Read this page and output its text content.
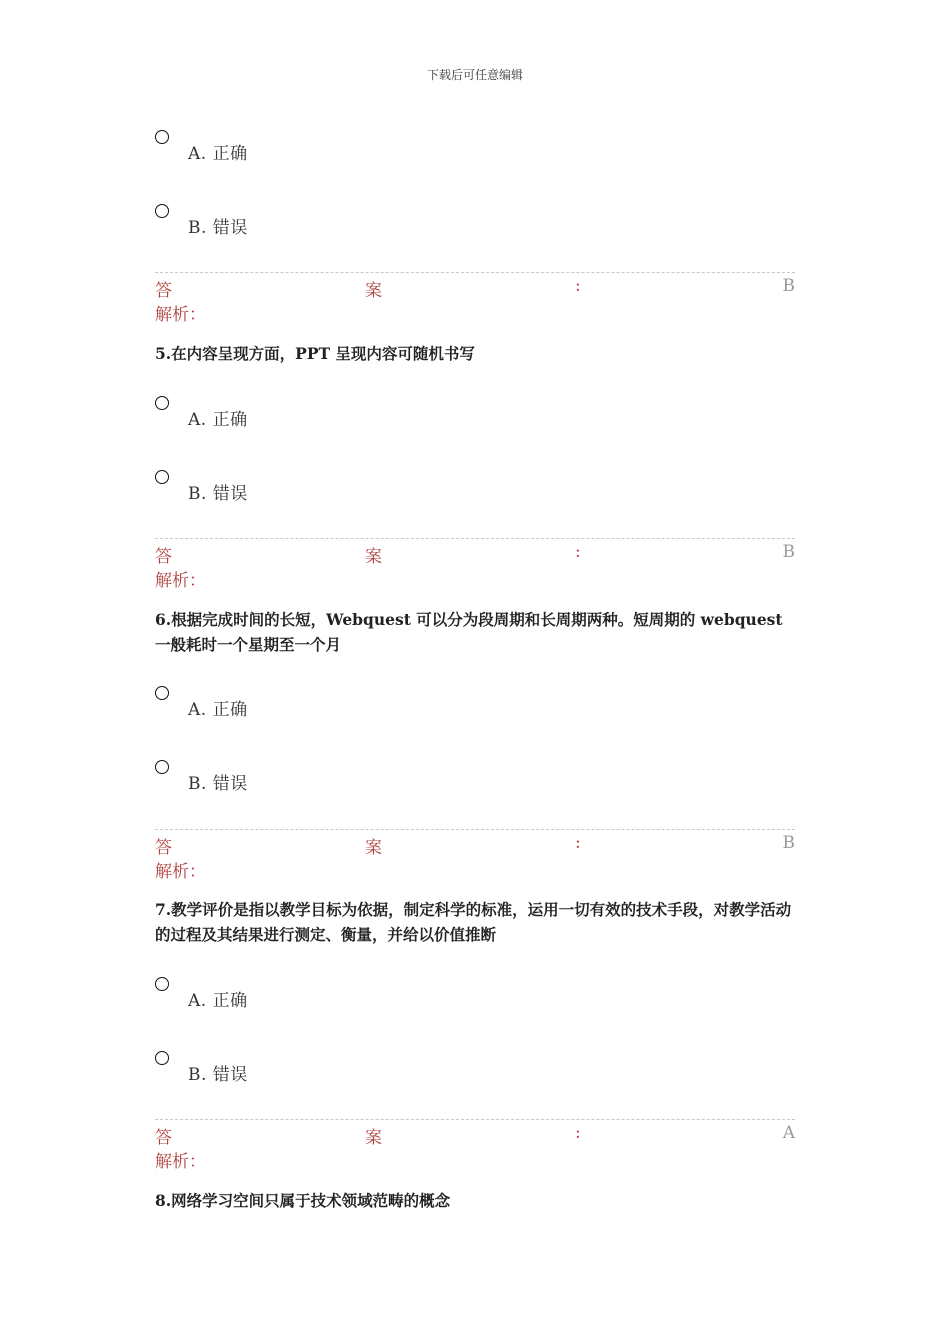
下载后可任意编辑
A. 正确
B. 错误
答	案	:	B
解析：
5.在内容呈现方面，PPT 呈现内容可随机书写
A. 正确
B. 错误
答	案	:	B
解析：
6.根据完成时间的长短，Webquest 可以分为段周期和长周期两种。短周期的 webquest 一般耗时一个星期至一个月
A. 正确
B. 错误
答	案	:	B
解析：
7.教学评价是指以教学目标为依据，制定科学的标准，运用一切有效的技术手段，对教学活动的过程及其结果进行测定、衡量，并给以价值推断
A. 正确
B. 错误
答	案	:	A
解析：
8.网络学习空间只属于技术领域范畴的概念
